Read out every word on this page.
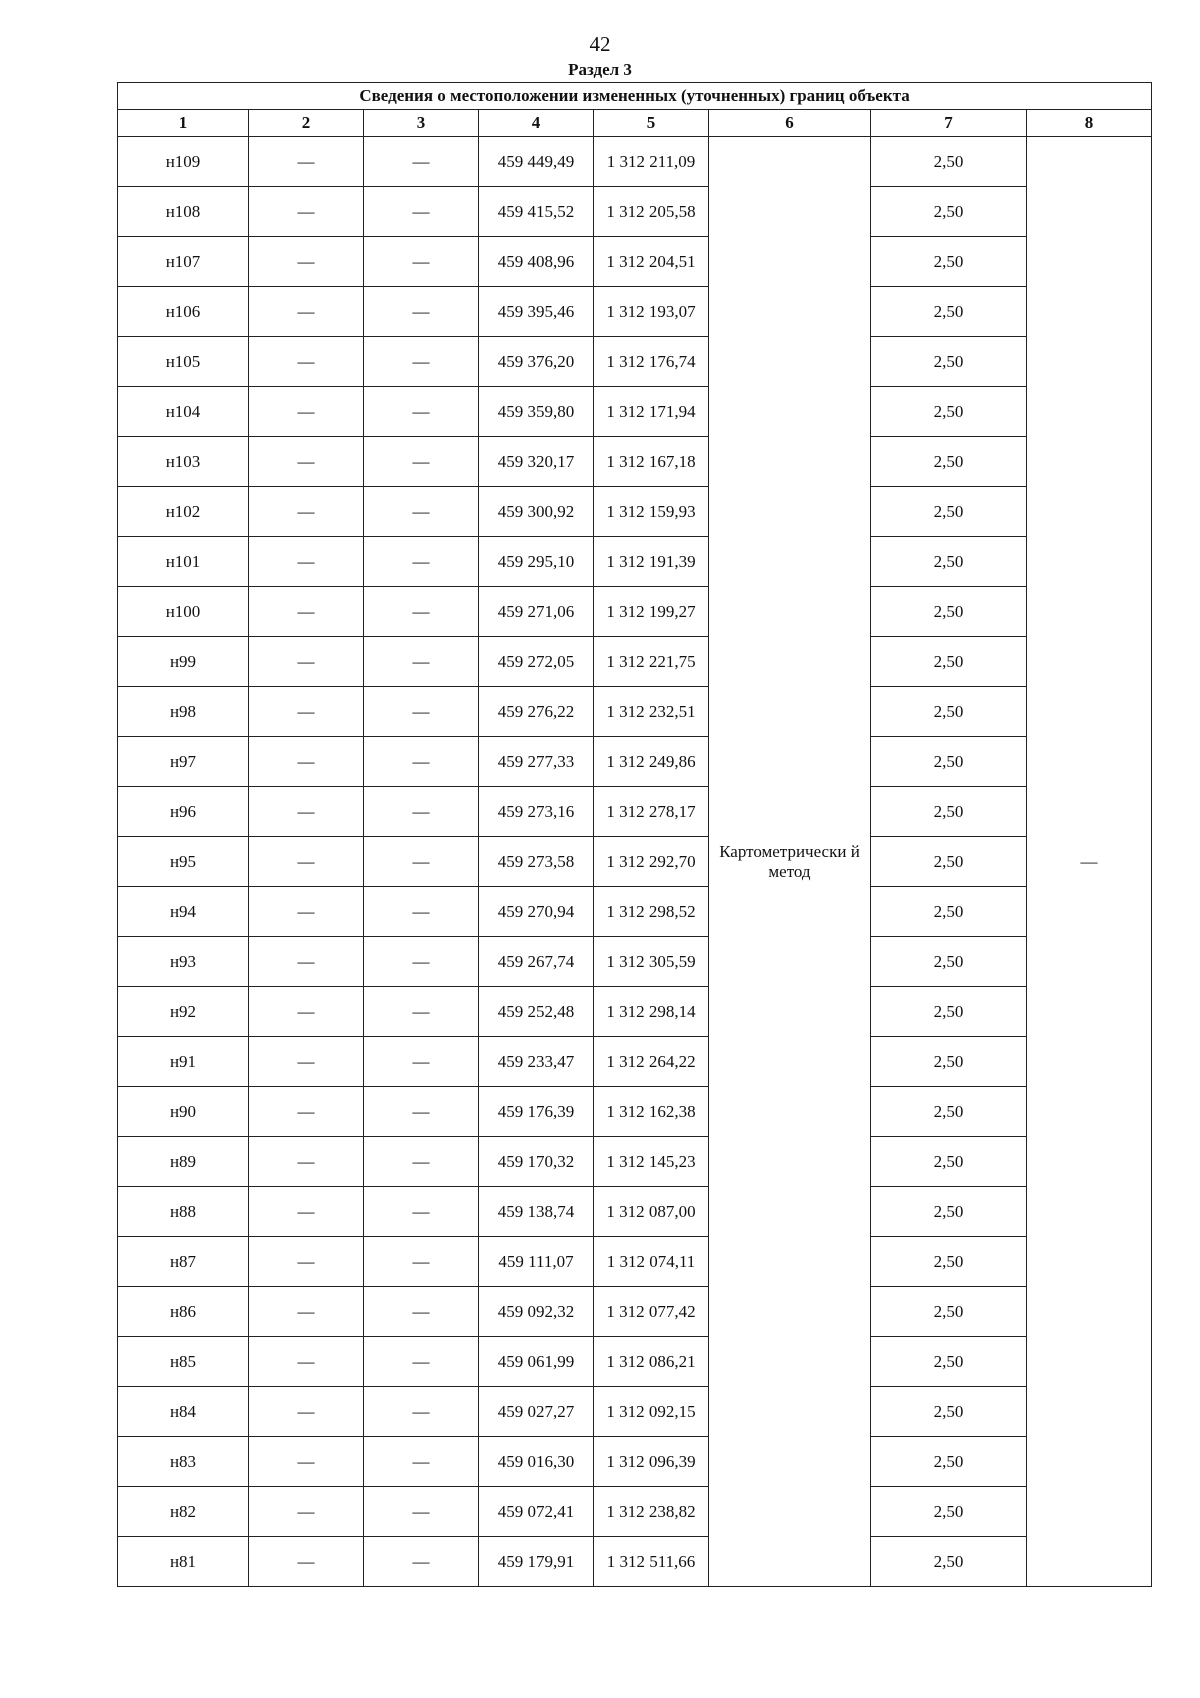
42
Раздел 3
Сведения о местоположении измененных (уточненных) границ объекта							
1	2	3	4	5	6	7	8
н109	—	—	459 449,49	1 312 211,09	Картометрически й метод	2,50	—
н108	—	—	459 415,52	1 312 205,58		2,50	
н107	—	—	459 408,96	1 312 204,51		2,50	
н106	—	—	459 395,46	1 312 193,07		2,50	
н105	—	—	459 376,20	1 312 176,74		2,50	
н104	—	—	459 359,80	1 312 171,94		2,50	
н103	—	—	459 320,17	1 312 167,18		2,50	
н102	—	—	459 300,92	1 312 159,93		2,50	
н101	—	—	459 295,10	1 312 191,39		2,50	
н100	—	—	459 271,06	1 312 199,27		2,50	
н99	—	—	459 272,05	1 312 221,75		2,50	
н98	—	—	459 276,22	1 312 232,51		2,50	
н97	—	—	459 277,33	1 312 249,86		2,50	
н96	—	—	459 273,16	1 312 278,17		2,50	
н95	—	—	459 273,58	1 312 292,70		2,50	
н94	—	—	459 270,94	1 312 298,52		2,50	
н93	—	—	459 267,74	1 312 305,59		2,50	
н92	—	—	459 252,48	1 312 298,14		2,50	
н91	—	—	459 233,47	1 312 264,22		2,50	
н90	—	—	459 176,39	1 312 162,38		2,50	
н89	—	—	459 170,32	1 312 145,23		2,50	
н88	—	—	459 138,74	1 312 087,00		2,50	
н87	—	—	459 111,07	1 312 074,11		2,50	
н86	—	—	459 092,32	1 312 077,42		2,50	
н85	—	—	459 061,99	1 312 086,21		2,50	
н84	—	—	459 027,27	1 312 092,15		2,50	
н83	—	—	459 016,30	1 312 096,39		2,50	
н82	—	—	459 072,41	1 312 238,82		2,50	
н81	—	—	459 179,91	1 312 511,66		2,50	
